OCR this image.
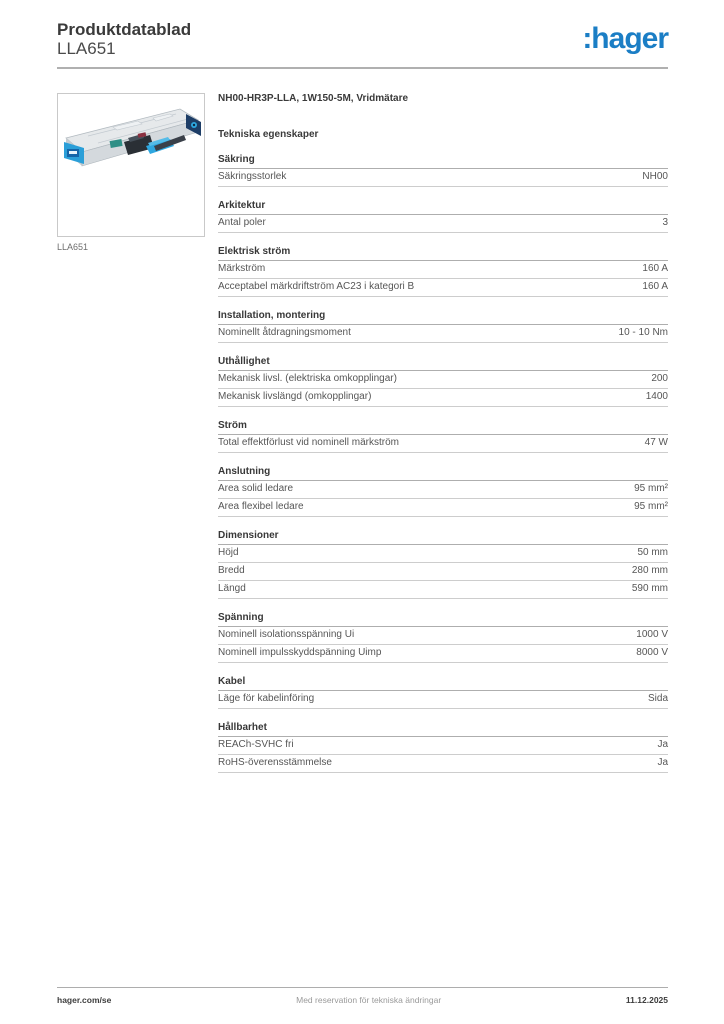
Produktdatablad
LLA651	:hager
LLA651
NH00-HR3P-LLA, 1W150-5M, Vridmätare
Tekniska egenskaper
Säkring
Säkringsstorlek	NH00
Arkitektur
Antal poler	3
Elektrisk ström
Märkström	160 A
Acceptabel märkdriftström AC23 i kategori B	160 A
Installation, montering
Nominellt åtdragningsmoment	10 - 10 Nm
Uthållighet
Mekanisk livsl. (elektriska omkopplingar)	200
Mekanisk livslängd (omkopplingar)	1400
Ström
Total effektförlust vid nominell märkström	47 W
Anslutning
Area solid ledare	95 mm²
Area flexibel ledare	95 mm²
Dimensioner
Höjd	50 mm
Bredd	280 mm
Längd	590 mm
Spänning
Nominell isolationsspänning Ui	1000 V
Nominell impulsskyddspänning Uimp	8000 V
Kabel
Läge för kabelinföring	Sida
Hållbarhet
REACh-SVHC fri	Ja
RoHS-överensstämmelse	Ja
hager.com/se	Med reservation för tekniska ändringar	11.12.2025
